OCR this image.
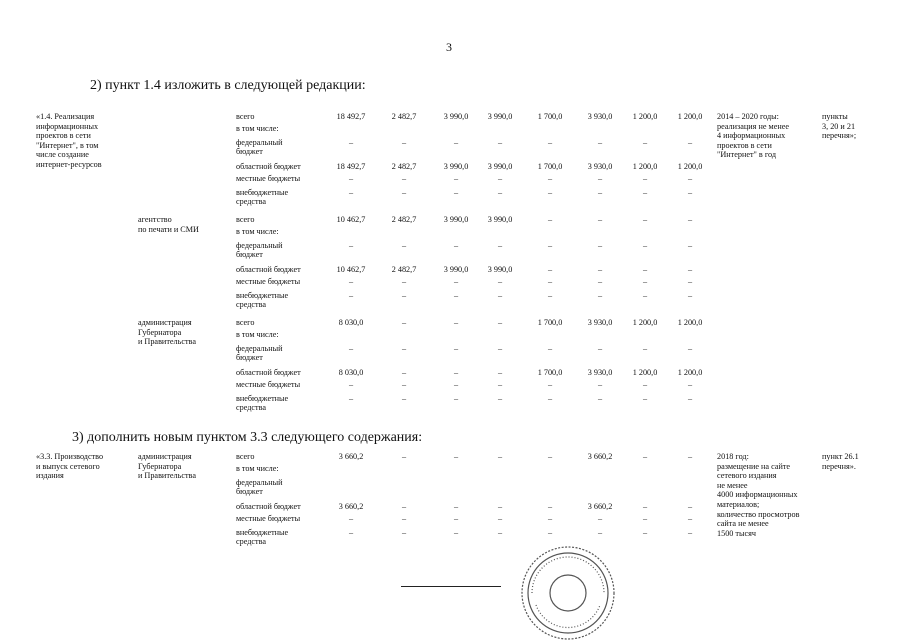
3
2) пункт 1.4 изложить в следующей редакции:
«1.4. Реализация
информационных
проектов в сети
"Интернет", в том
числе создание
интернет-ресурсов
2014 – 2020 годы:
реализация не менее
4 информационных
проектов в сети
"Интернет" в год
пункты
3, 20 и 21
перечня»;
всего	18 492,7	2 482,7	3 990,0	3 990,0	1 700,0	3 930,0	1 200,0	1 200,0
в том числе:
федеральный
бюджет
–	–	–	–	–	–	–	–
областной бюджет	18 492,7	2 482,7	3 990,0	3 990,0	1 700,0	3 930,0	1 200,0	1 200,0
местные бюджеты	–	–	–	–	–	–	–	–
внебюджетные
средства
–	–	–	–	–	–	–	–
агентство
по печати и СМИ
всего	10 462,7	2 482,7	3 990,0	3 990,0	–	–	–	–
в том числе:
федеральный
бюджет
–	–	–	–	–	–	–	–
областной бюджет	10 462,7	2 482,7	3 990,0	3 990,0	–	–	–	–
местные бюджеты	–	–	–	–	–	–	–	–
внебюджетные
средства
–	–	–	–	–	–	–	–
администрация
Губернатора
и Правительства
всего	8 030,0	–	–	–	1 700,0	3 930,0	1 200,0	1 200,0
в том числе:
федеральный
бюджет
–	–	–	–	–	–	–	–
областной бюджет	8 030,0	–	–	–	1 700,0	3 930,0	1 200,0	1 200,0
местные бюджеты	–	–	–	–	–	–	–	–
внебюджетные
средства
–	–	–	–	–	–	–	–
3) дополнить новым пунктом 3.3 следующего содержания:
«3.3. Производство
и выпуск сетевого
издания
администрация
Губернатора
и Правительства
2018 год:
размещение на сайте
сетевого издания
не менее
4000 информационных
материалов;
количество просмотров
сайта не менее
1500 тысяч
пункт 26.1
перечня».
всего	3 660,2	–	–	–	–	3 660,2	–	–
в том числе:
федеральный
бюджет
областной бюджет	3 660,2	–	–	–	–	3 660,2	–	–
местные бюджеты	–	–	–	–	–	–	–	–
внебюджетные
средства
–	–	–	–	–	–	–	–
